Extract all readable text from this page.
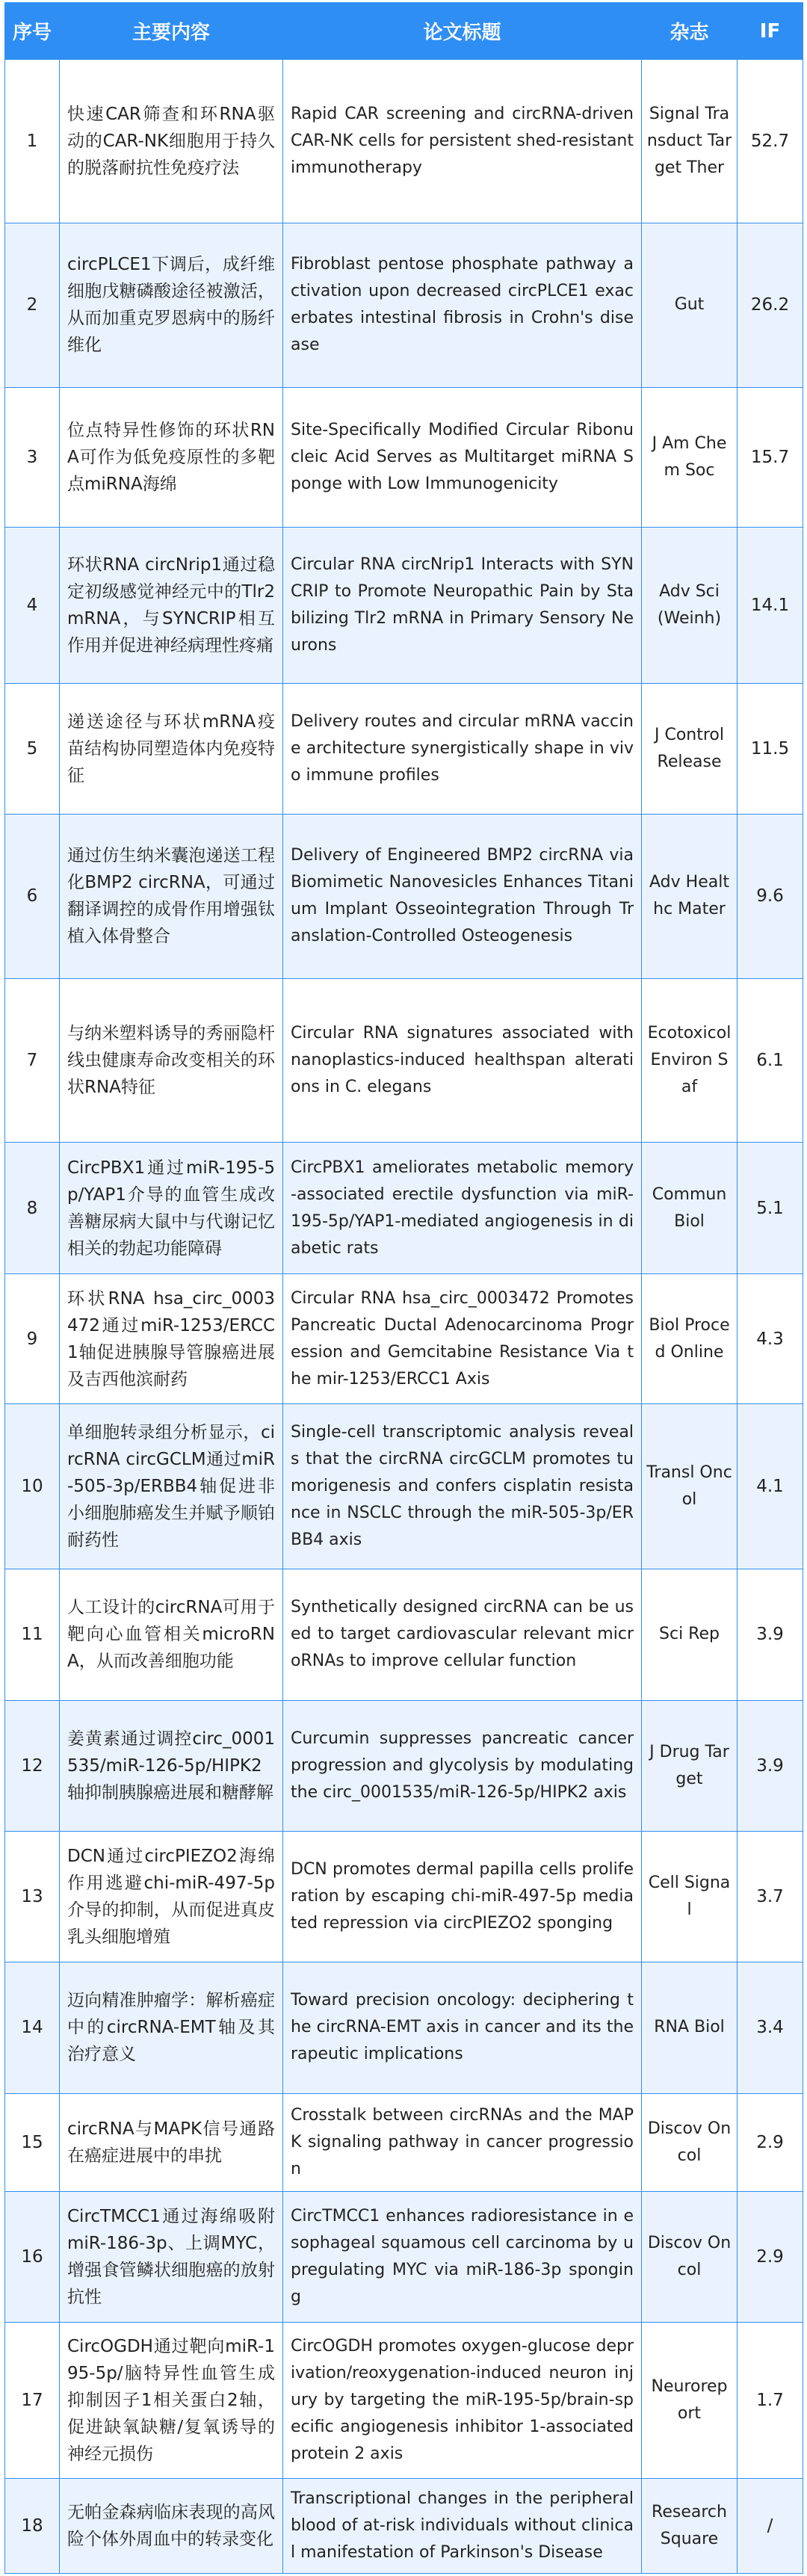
序号	主要内容	论文标题	杂志	IF
1	快速CAR筛查和环RNA驱动的CAR-NK细胞用于持久的脱落耐抗性免疫疗法	Rapid CAR screening and circRNA-driven CAR-NK cells for persistent shed-resistant immunotherapy	Signal Transduct Target Ther	52.7
2	circPLCE1下调后，成纤维细胞戊糖磷酸途径被激活，从而加重克罗恩病中的肠纤维化	Fibroblast pentose phosphate pathway activation upon decreased circPLCE1 exacerbates intestinal fibrosis in Crohn's disease	Gut	26.2
3	位点特异性修饰的环状RNA可作为低免疫原性的多靶点miRNA海绵	Site-Specifically Modified Circular Ribonucleic Acid Serves as Multitarget miRNA Sponge with Low Immunogenicity	J Am Chem Soc	15.7
4	环状RNA circNrip1通过稳定初级感觉神经元中的Tlr2 mRNA，与SYNCRIP相互作用并促进神经病理性疼痛	Circular RNA circNrip1 Interacts with SYNCRIP to Promote Neuropathic Pain by Stabilizing Tlr2 mRNA in Primary Sensory Neurons	Adv Sci (Weinh)	14.1
5	递送途径与环状mRNA疫苗结构协同塑造体内免疫特征	Delivery routes and circular mRNA vaccine architecture synergistically shape in vivo immune profiles	J Control Release	11.5
6	通过仿生纳米囊泡递送工程化BMP2 circRNA，可通过翻译调控的成骨作用增强钛植入体骨整合	Delivery of Engineered BMP2 circRNA via Biomimetic Nanovesicles Enhances Titanium Implant Osseointegration Through Translation-Controlled Osteogenesis	Adv Healthc Mater	9.6
7	与纳米塑料诱导的秀丽隐杆线虫健康寿命改变相关的环状RNA特征	Circular RNA signatures associated with nanoplastics-induced healthspan alterations in C. elegans	Ecotoxicol Environ Saf	6.1
8	CircPBX1通过miR-195-5p/YAP1介导的血管生成改善糖尿病大鼠中与代谢记忆相关的勃起功能障碍	CircPBX1 ameliorates metabolic memory-associated erectile dysfunction via miR-195-5p/YAP1-mediated angiogenesis in diabetic rats	Commun Biol	5.1
9	环状RNA hsa_circ_0003472通过miR-1253/ERCC1轴促进胰腺导管腺癌进展及吉西他滨耐药	Circular RNA hsa_circ_0003472 Promotes Pancreatic Ductal Adenocarcinoma Progression and Gemcitabine Resistance Via the mir-1253/ERCC1 Axis	Biol Proced Online	4.3
10	单细胞转录组分析显示，circRNA circGCLM通过miR-505-3p/ERBB4轴促进非小细胞肺癌发生并赋予顺铂耐药性	Single-cell transcriptomic analysis reveals that the circRNA circGCLM promotes tumorigenesis and confers cisplatin resistance in NSCLC through the miR-505-3p/ERBB4 axis	Transl Oncol	4.1
11	人工设计的circRNA可用于靶向心血管相关microRNA，从而改善细胞功能	Synthetically designed circRNA can be used to target cardiovascular relevant microRNAs to improve cellular function	Sci Rep	3.9
12	姜黄素通过调控circ_0001535/miR-126-5p/HIPK2轴抑制胰腺癌进展和糖酵解	Curcumin suppresses pancreatic cancer progression and glycolysis by modulating the circ_0001535/miR-126-5p/HIPK2 axis	J Drug Target	3.9
13	DCN通过circPIEZO2海绵作用逃避chi-miR-497-5p介导的抑制，从而促进真皮乳头细胞增殖	DCN promotes dermal papilla cells proliferation by escaping chi-miR-497-5p mediated repression via circPIEZO2 sponging	Cell Signal	3.7
14	迈向精准肿瘤学：解析癌症中的circRNA-EMT轴及其治疗意义	Toward precision oncology: deciphering the circRNA-EMT axis in cancer and its therapeutic implications	RNA Biol	3.4
15	circRNA与MAPK信号通路在癌症进展中的串扰	Crosstalk between circRNAs and the MAPK signaling pathway in cancer progression	Discov Oncol	2.9
16	CircTMCC1通过海绵吸附miR-186-3p、上调MYC，增强食管鳞状细胞癌的放射抗性	CircTMCC1 enhances radioresistance in esophageal squamous cell carcinoma by upregulating MYC via miR-186-3p sponging	Discov Oncol	2.9
17	CircOGDH通过靶向miR-195-5p/脑特异性血管生成抑制因子1相关蛋白2轴，促进缺氧缺糖/复氧诱导的神经元损伤	CircOGDH promotes oxygen-glucose deprivation/reoxygenation-induced neuron injury by targeting the miR-195-5p/brain-specific angiogenesis inhibitor 1-associated protein 2 axis	Neuroreport	1.7
18	无帕金森病临床表现的高风险个体外周血中的转录变化	Transcriptional changes in the peripheral blood of at-risk individuals without clinical manifestation of Parkinson's Disease	Research Square	/
